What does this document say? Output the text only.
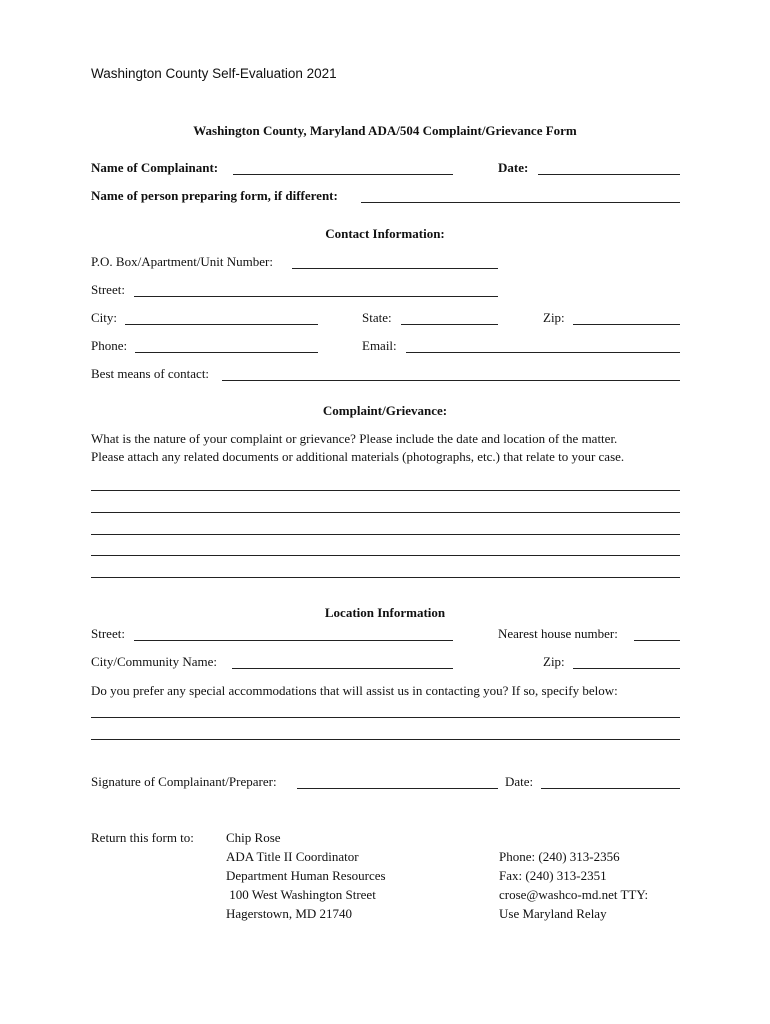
Washington County Self-Evaluation 2021
Washington County, Maryland ADA/504 Complaint/Grievance Form
Name of Complainant:	Date:
Name of person preparing form, if different:
Contact Information:
P.O. Box/Apartment/Unit Number:
Street:
City:	State:	Zip:
Phone:	Email:
Best means of contact:
Complaint/Grievance:
What is the nature of your complaint or grievance? Please include the date and location of the matter.
Please attach any related documents or additional materials (photographs, etc.) that relate to your case.
Location Information
Street:	Nearest house number:
City/Community Name:	Zip:
Do you prefer any special accommodations that will assist us in contacting you? If so, specify below:
Signature of Complainant/Preparer:	Date:
Return this form to: Chip Rose
ADA Title II Coordinator
Department Human Resources
100 West Washington Street
Hagerstown, MD 21740
Phone: (240) 313-2356
Fax: (240) 313-2351
crose@washco-md.net TTY:
Use Maryland Relay
